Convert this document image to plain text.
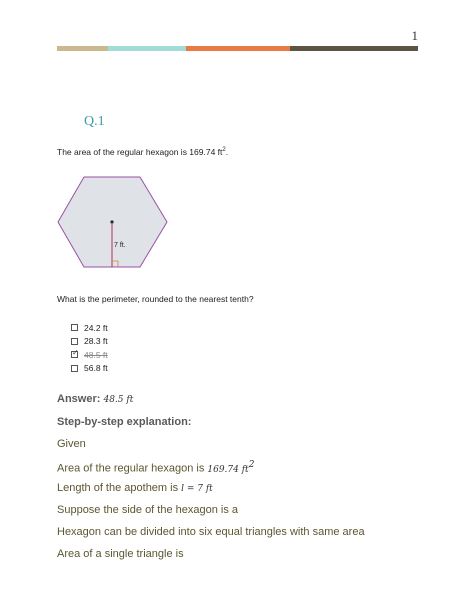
1
Q.1
The area of the regular hexagon is 169.74 $ft^2$.
7 ft.
What is the perimeter, rounded to the nearest tenth?
24.2 ft
28.3 ft
✓
48.5 ft
56.8 ft
Answer: 48.5 ft
Step-by-step explanation:
Given
Area of the regular hexagon is 169.74 $ft^2$
Length of the apothem is l = 7 ft
Suppose the side of the hexagon is a
Hexagon can be divided into six equal triangles with same area
Area of a single triangle is
